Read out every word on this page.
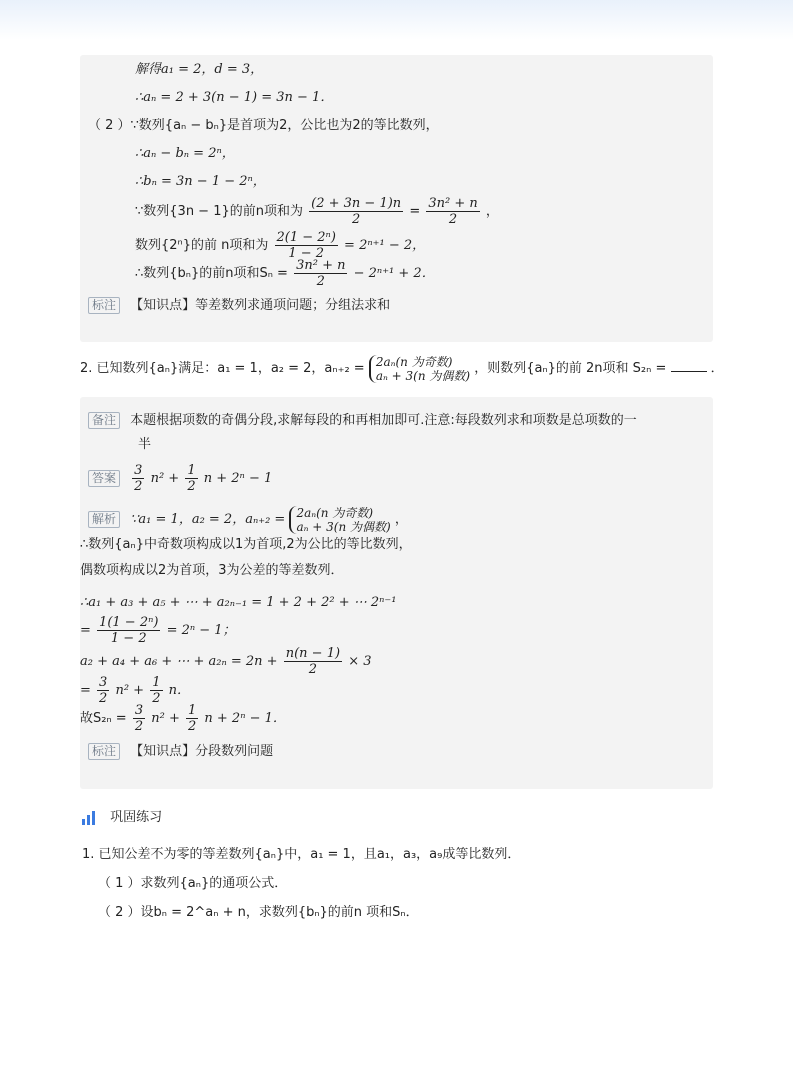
解得a₁ = 2，d = 3，
∴aₙ = 2 + 3(n − 1) = 3n − 1．
（ 2 ）∵数列{aₙ − bₙ}是首项为2，公比也为2的等比数列，
∴aₙ − bₙ = 2ⁿ，
∴bₙ = 3n − 1 − 2ⁿ，
∵数列{3n − 1}的前n项和为 $\frac{(2 + 3n - 1)n}{2} = \frac{\text{3n² + n}}{2}$ ，
数列{2ⁿ}的前 n项和为 $\frac{\text{2(1 − 2ⁿ)}}{1 - 2} = 2^{n+1} - 2$，
∴数列{bₙ}的前n项和$S_n = \frac{\text{3n² + n}}{2} - 2^{n+1} + 2$．
标注 【知识点】等差数列求通项问题；分组法求和
2. 已知数列{aₙ}满足：a₁ = 1，a₂ = 2，aₙ₊₂ = 2aₙ(n 为奇数)
aₙ + 3(n 为偶数) ，则数列{aₙ}的前 2n项和 S₂ₙ =	．
备注 本题根据项数的奇偶分段,求解每段的和再相加即可.注意:每段数列求和项数是总项数的一
半
答案 $\frac{3}{2} n^2 + \frac{1}{2}$ n + 2ⁿ − 1
解析 ∵a₁ = 1，a₂ = 2，aₙ₊₂ = 2aₙ(n 为奇数)
aₙ + 3(n 为偶数) ，
∴数列{aₙ}中奇数项构成以1为首项,2为公比的等比数列，
偶数项构成以2为首项，3为公差的等差数列．
∴a₁ + a₃ + a₅ + ⋯ + a₂ₙ₋₁ = 1 + 2 + 2² + ⋯ 2ⁿ⁻¹
= $\frac{\text{1(1 − 2ⁿ)}}{1 - 2} = 2^n - 1$；
a₂ + a₄ + a₆ + ⋯ + $a_{2n} = 2n + \frac{n(n - 1)}{2} \times 3$
= $\frac{3}{2} n^2 + \frac{1}{2}$ n．
故$S_{2n} = \frac{3}{2} n^2 + \frac{1}{2}$ n + 2ⁿ − 1．
标注 【知识点】分段数列问题
巩固练习
1. 已知公差不为零的等差数列{aₙ}中，a₁ = 1，且a₁，a₃，a₉成等比数列．
（ 1 ）求数列{aₙ}的通项公式．
（ 2 ）设bₙ = 2^aₙ + n，求数列{bₙ}的前n 项和Sₙ．
